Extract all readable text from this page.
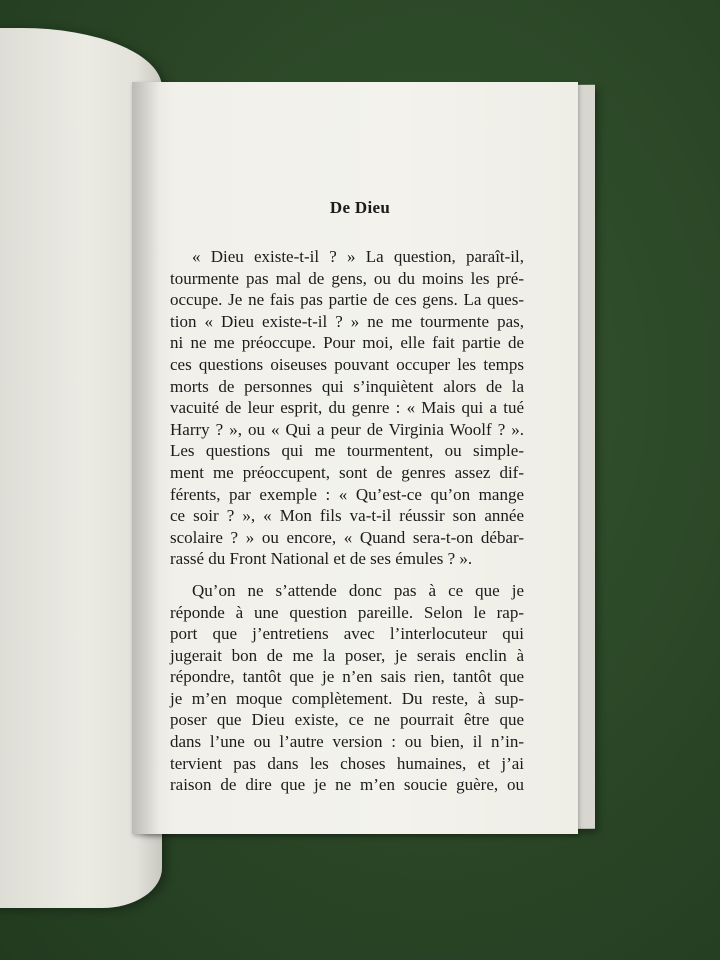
De Dieu
« Dieu existe-t-il ? » La question, paraît-il,
tourmente pas mal de gens, ou du moins les pré-
occupe. Je ne fais pas partie de ces gens. La ques-
tion « Dieu existe-t-il ? » ne me tourmente pas,
ni ne me préoccupe. Pour moi, elle fait partie de
ces questions oiseuses pouvant occuper les temps
morts de personnes qui s’inquiètent alors de la
vacuité de leur esprit, du genre : « Mais qui a tué
Harry ? », ou « Qui a peur de Virginia Woolf ? ».
Les questions qui me tourmentent, ou simple-
ment me préoccupent, sont de genres assez dif-
férents, par exemple : « Qu’est-ce qu’on mange
ce soir ? », « Mon fils va-t-il réussir son année
scolaire ? » ou encore, « Quand sera-t-on débar-
rassé du Front National et de ses émules ? ».
Qu’on ne s’attende donc pas à ce que je
réponde à une question pareille. Selon le rap-
port que j’entretiens avec l’interlocuteur qui
jugerait bon de me la poser, je serais enclin à
répondre, tantôt que je n’en sais rien, tantôt que
je m’en moque complètement. Du reste, à sup-
poser que Dieu existe, ce ne pourrait être que
dans l’une ou l’autre version : ou bien, il n’in-
tervient pas dans les choses humaines, et j’ai
raison de dire que je ne m’en soucie guère, ou
